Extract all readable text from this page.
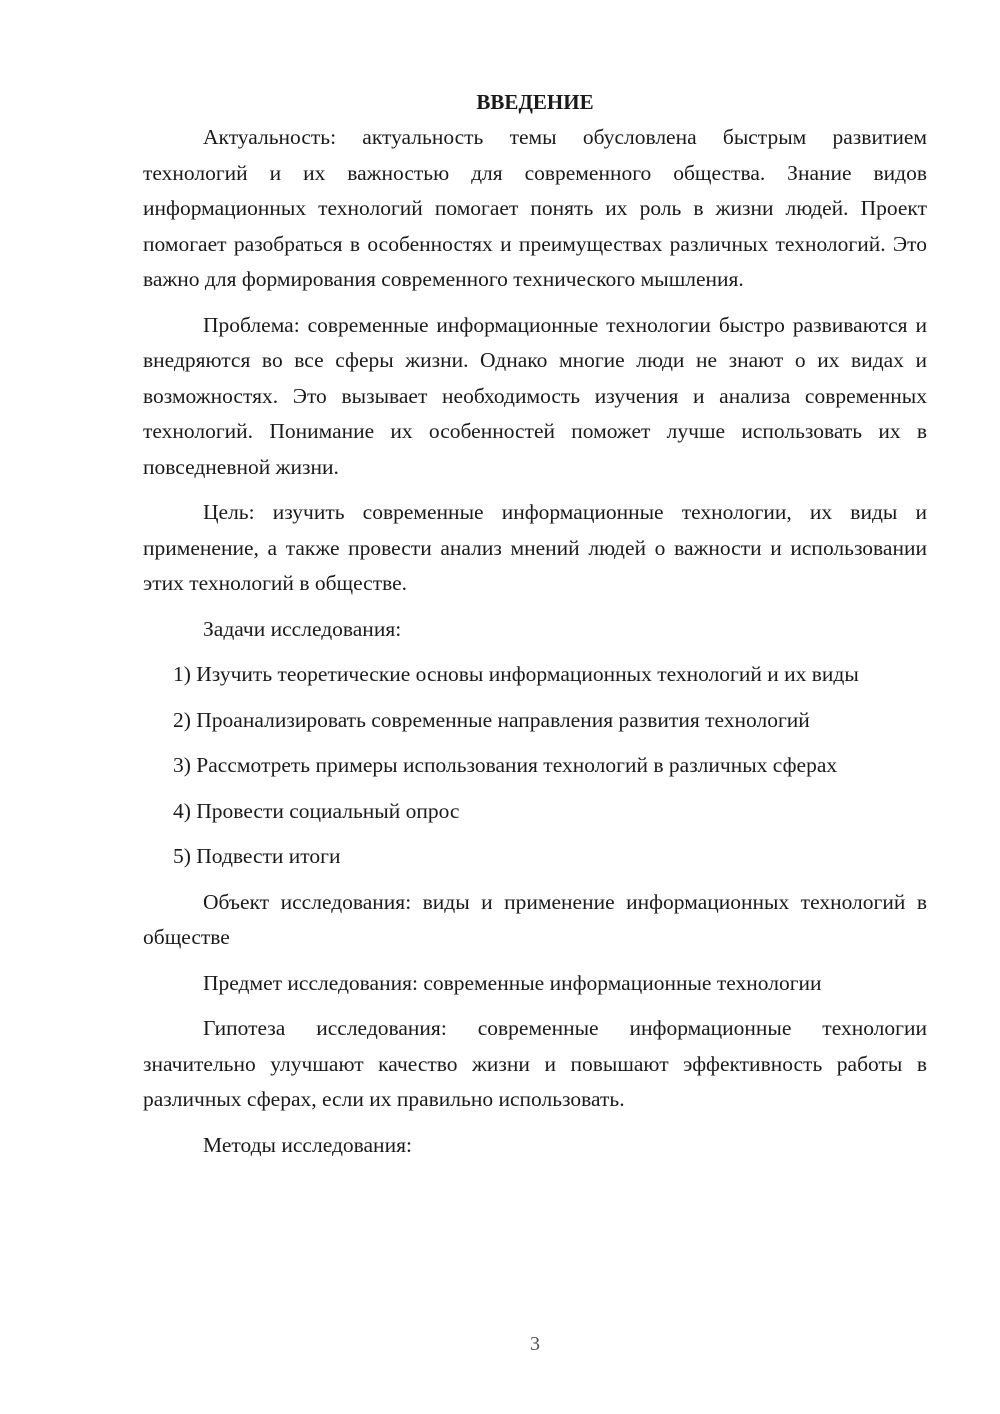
ВВЕДЕНИЕ

Актуальность: актуальность темы обусловлена быстрым развитием технологий и их важностью для современного общества. Знание видов информационных технологий помогает понять их роль в жизни людей. Проект помогает разобраться в особенностях и преимуществах различных технологий. Это важно для формирования современного технического мышления.

Проблема: современные информационные технологии быстро развиваются и внедряются во все сферы жизни. Однако многие люди не знают о их видах и возможностях. Это вызывает необходимость изучения и анализа современных технологий. Понимание их особенностей поможет лучше использовать их в повседневной жизни.

Цель: изучить современные информационные технологии, их виды и применение, а также провести анализ мнений людей о важности и использовании этих технологий в обществе.

Задачи исследования:

1) Изучить теоретические основы информационных технологий и их виды

2) Проанализировать современные направления развития технологий

3) Рассмотреть примеры использования технологий в различных сферах

4) Провести социальный опрос

5) Подвести итоги

Объект исследования: виды и применение информационных технологий в обществе

Предмет исследования: современные информационные технологии

Гипотеза исследования: современные информационные технологии значительно улучшают качество жизни и повышают эффективность работы в различных сферах, если их правильно использовать.

Методы исследования:

3
